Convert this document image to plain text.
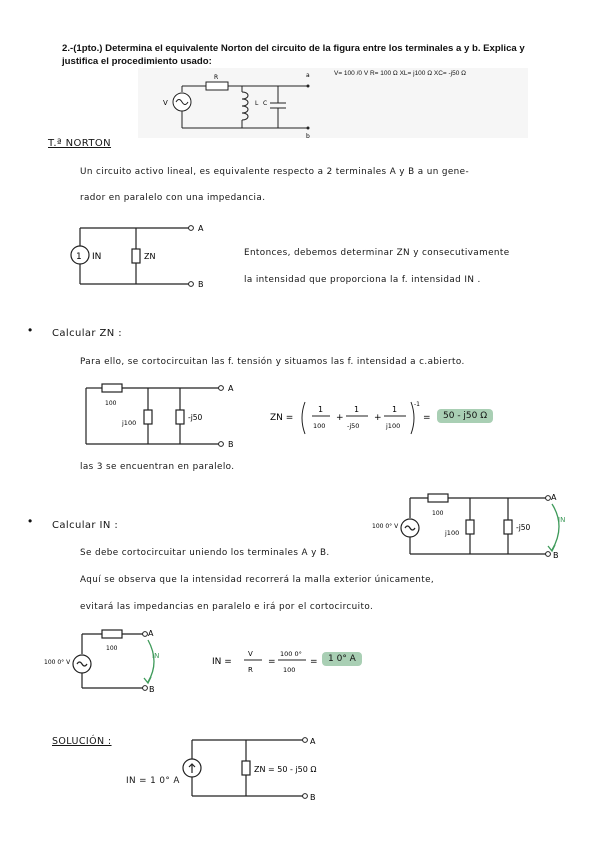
2.-(1pto.) Determina el equivalente Norton del circuito de la figura entre los terminales a y b. Explica y justifica el procedimiento usado:
V
R
L C
a
b
V= 100 /0 V R= 100 Ω XL= j100 Ω XC= -j50 Ω
T.ª NORTON
Un circuito activo lineal, es equivalente respecto a 2 terminales A y B a un gene-
rador en paralelo con una impedancia.
1 IN	ZN
A
B
Entonces, debemos determinar ZN y consecutivamente
la intensidad que proporciona la f. intensidad IN .
• Calcular ZN :
Para ello, se cortocircuitan las f. tensión y situamos las f. intensidad a c.abierto.
100
j100
-j50
A
B
ZN =
1
100
+
1
-j50
+
1
j100
-1
=	50 - j50 Ω
las 3 se encuentran en paralelo.
• Calcular IN :	100 0° V
100
j100
-j50
A
B
IN
Se debe cortocircuitar uniendo los terminales A y B.
Aquí se observa que la intensidad recorrerá la malla exterior únicamente,
evitará las impedancias en paralelo e irá por el cortocircuito.
100 0° V
100
A
B
IN
IN =
V
R
=
100 0°
100
=	1 0° A
SOLUCIÓN :
ZN = 50 - j50 Ω
A
B
IN = 1 0° A
